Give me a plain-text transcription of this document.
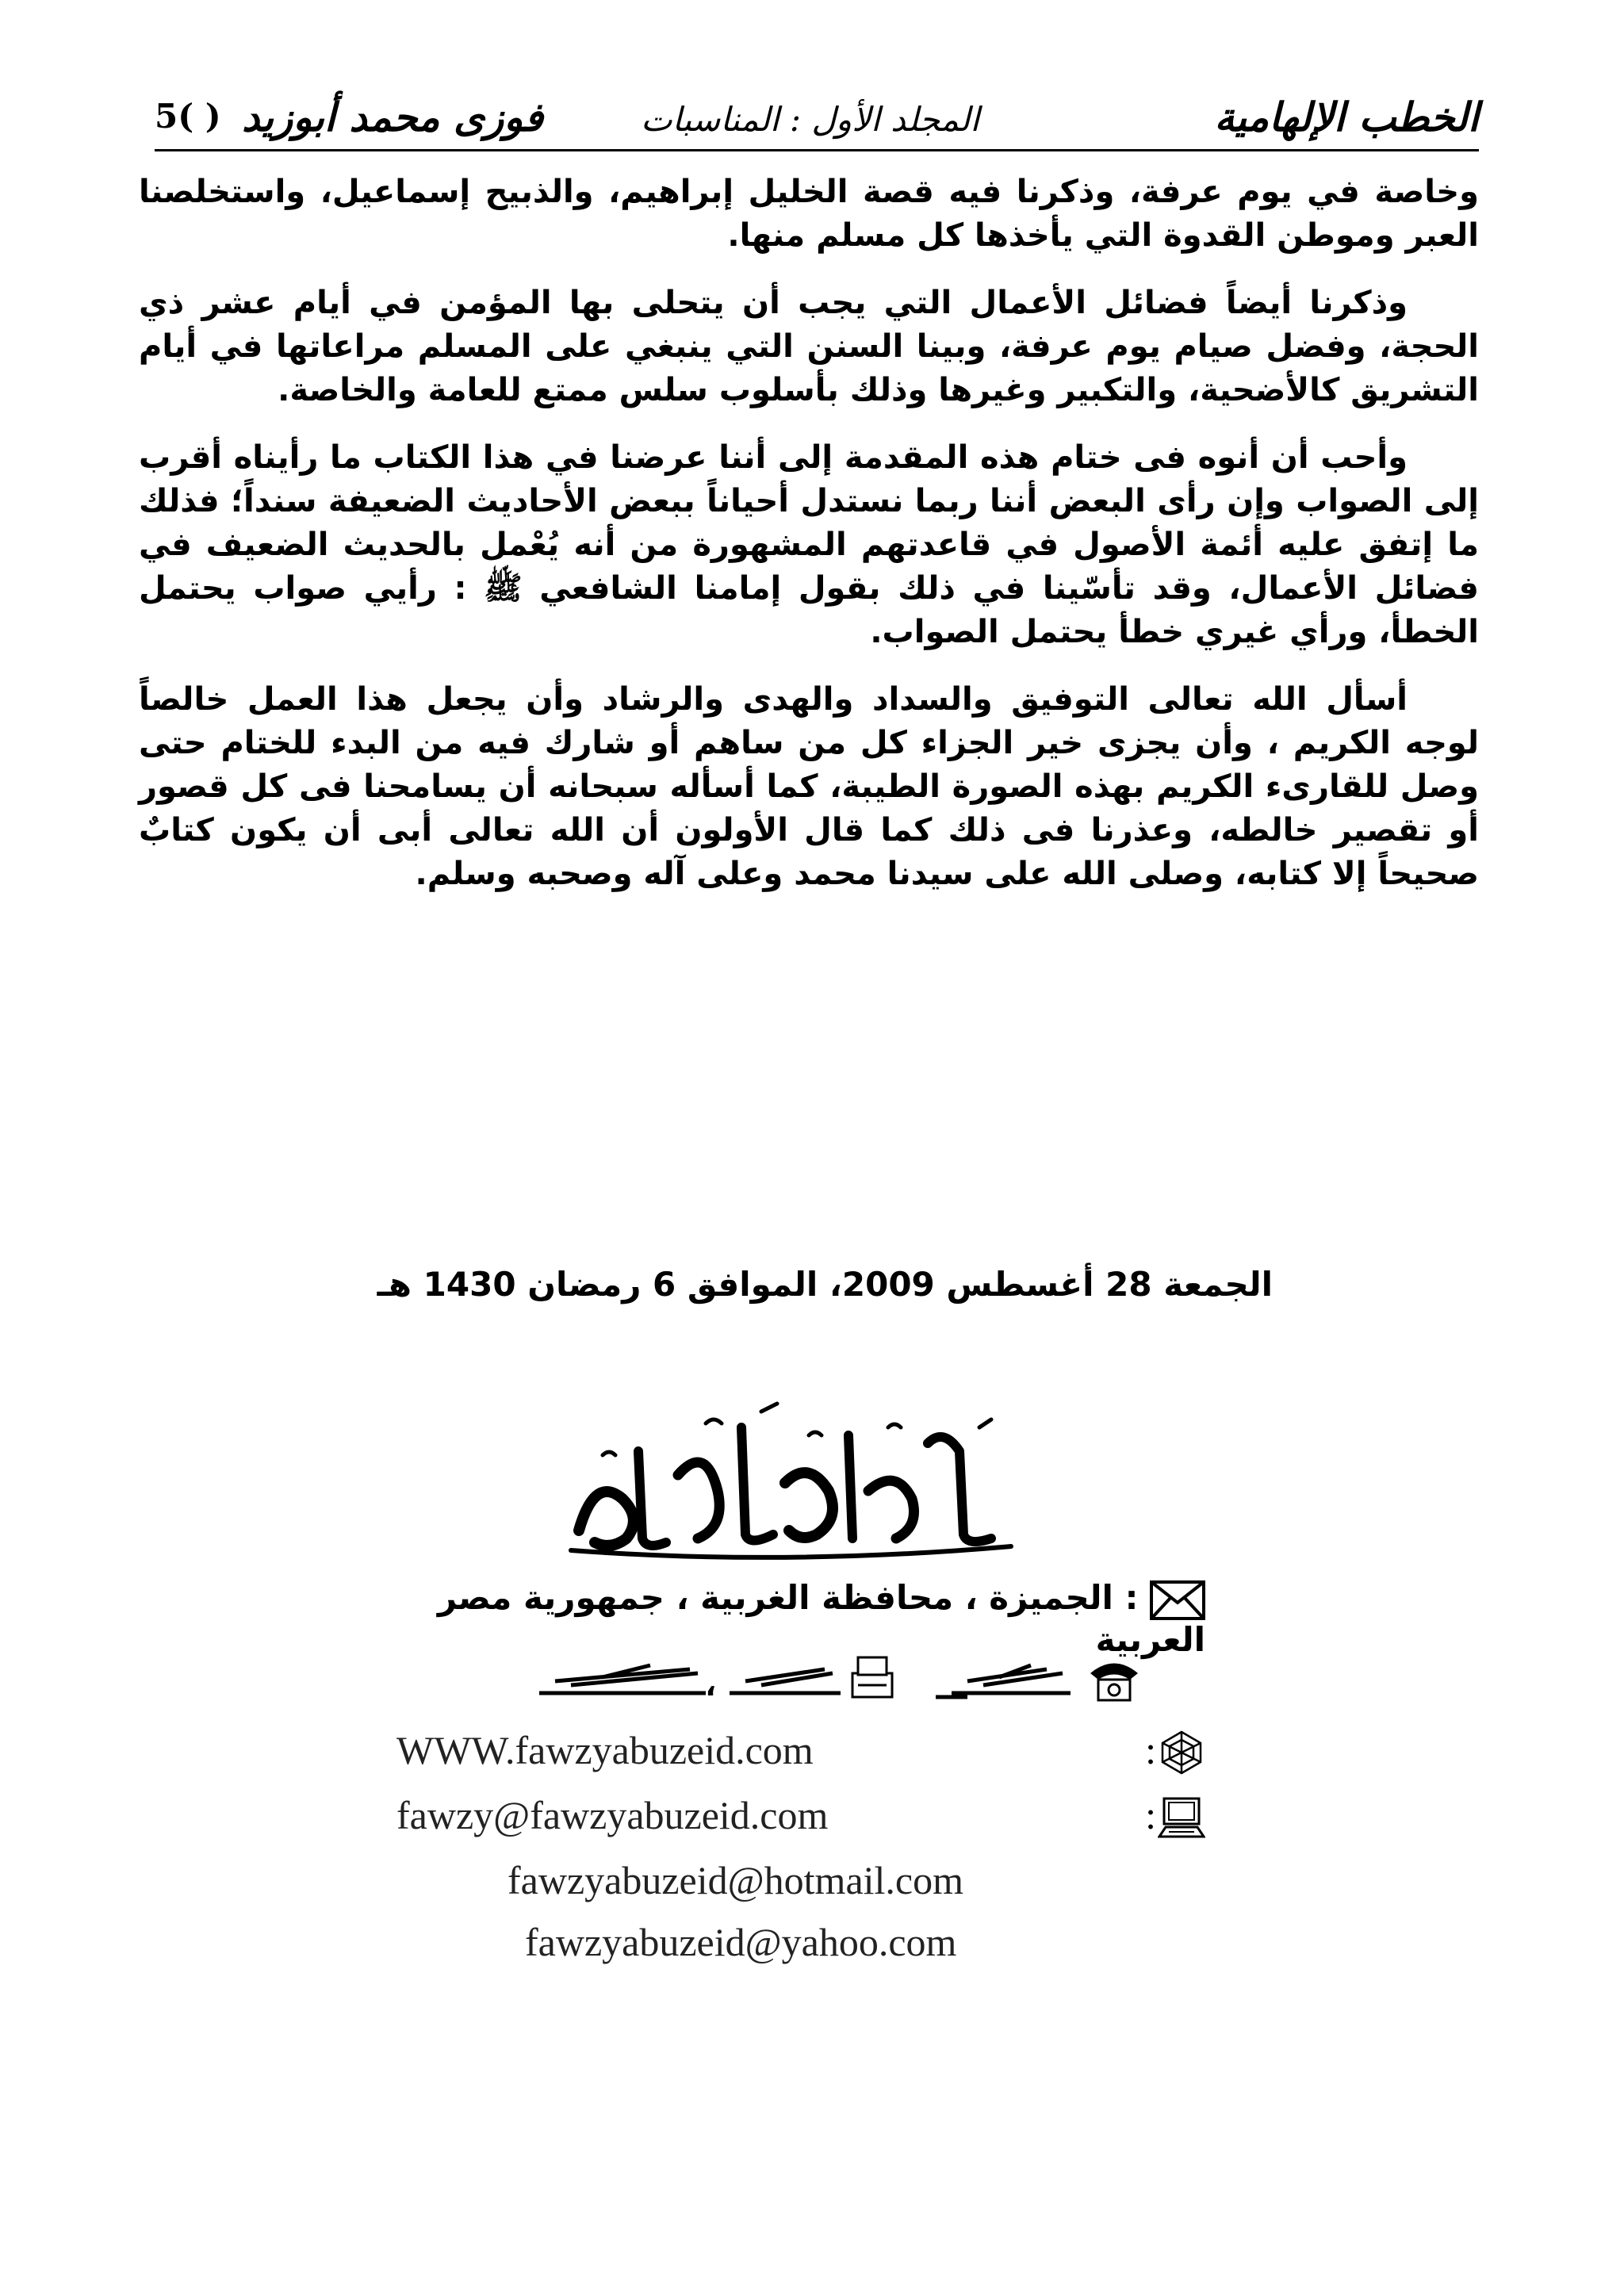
الخطب الإلهامية
المجلد الأول : المناسبات
فوزى محمد أبوزيد
5( )

وخاصة في يوم عرفة، وذكرنا فيه قصة الخليل إبراهيم، والذبيح إسماعيل، واستخلصنا العبر وموطن القدوة التي يأخذها كل مسلم منها.

وذكرنا أيضاً فضائل الأعمال التي يجب أن يتحلى بها المؤمن في أيام عشر ذي الحجة، وفضل صيام يوم عرفة، وبينا السنن التي ينبغي على المسلم مراعاتها في أيام التشريق كالأضحية، والتكبير وغيرها وذلك بأسلوب سلس ممتع للعامة والخاصة.

وأحب أن أنوه فى ختام هذه المقدمة إلى أننا عرضنا في هذا الكتاب ما رأيناه أقرب إلى الصواب وإن رأى البعض أننا ربما نستدل أحياناً ببعض الأحاديث الضعيفة سنداً؛ فذلك ما إتفق عليه أئمة الأصول في قاعدتهم المشهورة من أنه يُعْمل بالحديث الضعيف في فضائل الأعمال، وقد تأسّينا في ذلك بقول إمامنا الشافعي ﷺ : رأيي صواب يحتمل الخطأ، ورأي غيري خطأ يحتمل الصواب.

أسأل الله تعالى التوفيق والسداد والهدى والرشاد وأن يجعل هذا العمل خالصاً لوجه الكريم ، وأن يجزى خير الجزاء كل من ساهم أو شارك فيه من البدء للختام حتى وصل للقارىء الكريم بهذه الصورة الطيبة، كما أسأله سبحانه أن يسامحنا فى كل قصور أو تقصير خالطه، وعذرنا فى ذلك كما قال الأولون أن الله تعالى أبى أن يكون كتابٌ صحيحاً إلا كتابه، وصلى الله على سيدنا محمد وعلى آله وصحبه وسلم.

الجمعة 28 أغسطس 2009، الموافق 6 رمضان 1430 هـ
: الجميزة ، محافظة الغربية ، جمهورية مصر العربية
،
WWW.fawzyabuzeid.com	:
fawzy@fawzyabuzeid.com	:
fawzyabuzeid@hotmail.com
fawzyabuzeid@yahoo.com
